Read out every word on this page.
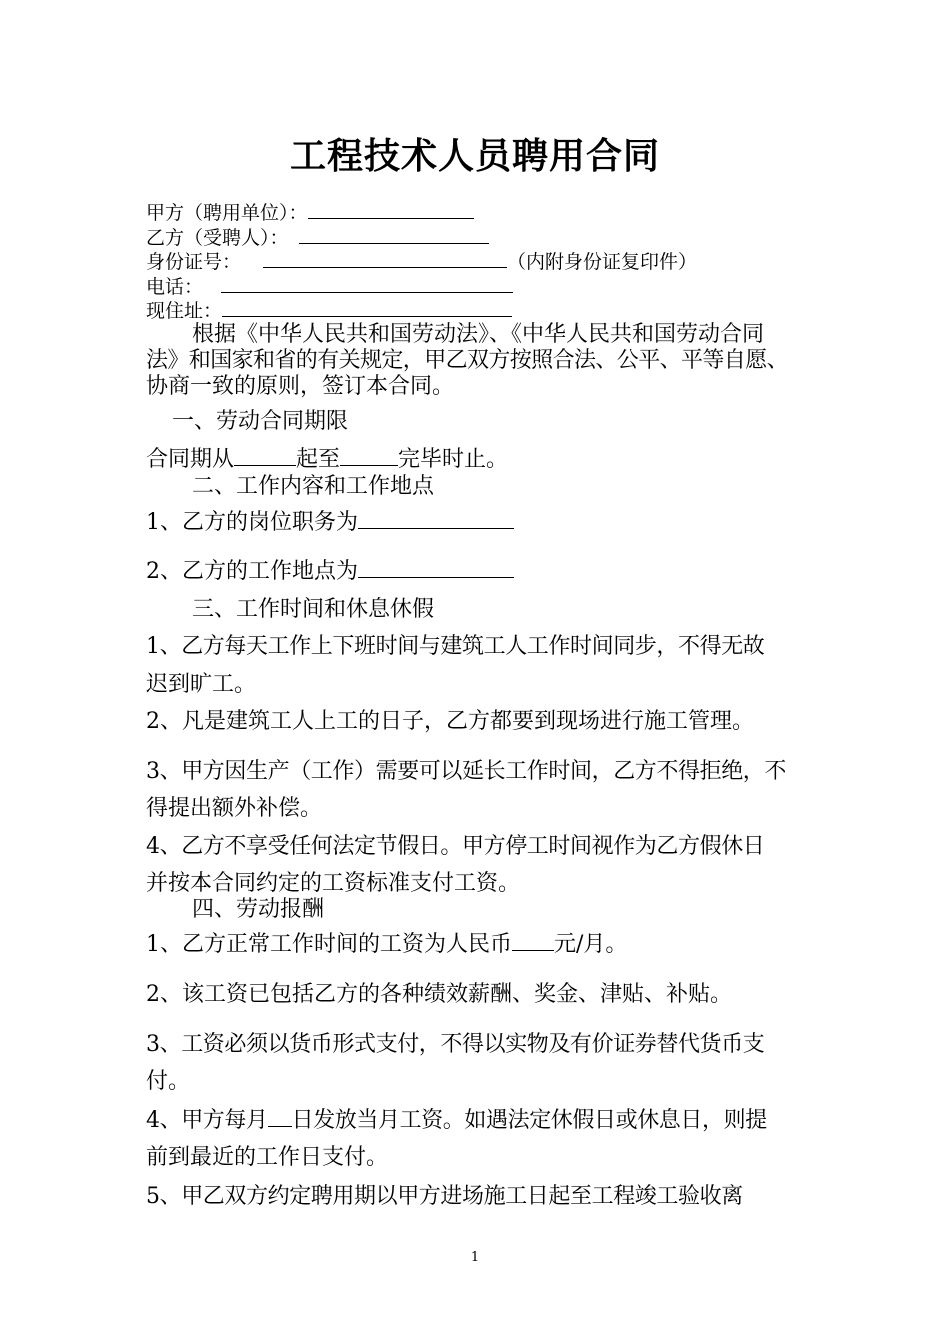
工程技术人员聘用合同
甲方（聘用单位）：
乙方（受聘人）：
身份证号：	（内附身份证复印件）
电话：
现住址：
根据《中华人民共和国劳动法》、《中华人民共和国劳动合同
法》和国家和省的有关规定，甲乙双方按照合法、公平、平等自愿、
协商一致的原则，签订本合同。
一、劳动合同期限
合同期从	起至	完毕时止。
二、工作内容和工作地点
1、乙方的岗位职务为
2、乙方的工作地点为
三、工作时间和休息休假
1、乙方每天工作上下班时间与建筑工人工作时间同步，不得无故
迟到旷工。
2、凡是建筑工人上工的日子，乙方都要到现场进行施工管理。
3、甲方因生产（工作）需要可以延长工作时间，乙方不得拒绝，不
得提出额外补偿。
4、乙方不享受任何法定节假日。甲方停工时间视作为乙方假休日
并按本合同约定的工资标准支付工资。
四、劳动报酬
1、乙方正常工作时间的工资为人民币 元/月。
2、该工资已包括乙方的各种绩效薪酬、奖金、津贴、补贴。
3、工资必须以货币形式支付，不得以实物及有价证券替代货币支
付。
4、甲方每月 日发放当月工资。如遇法定休假日或休息日，则提
前到最近的工作日支付。
5、甲乙双方约定聘用期以甲方进场施工日起至工程竣工验收离
1
